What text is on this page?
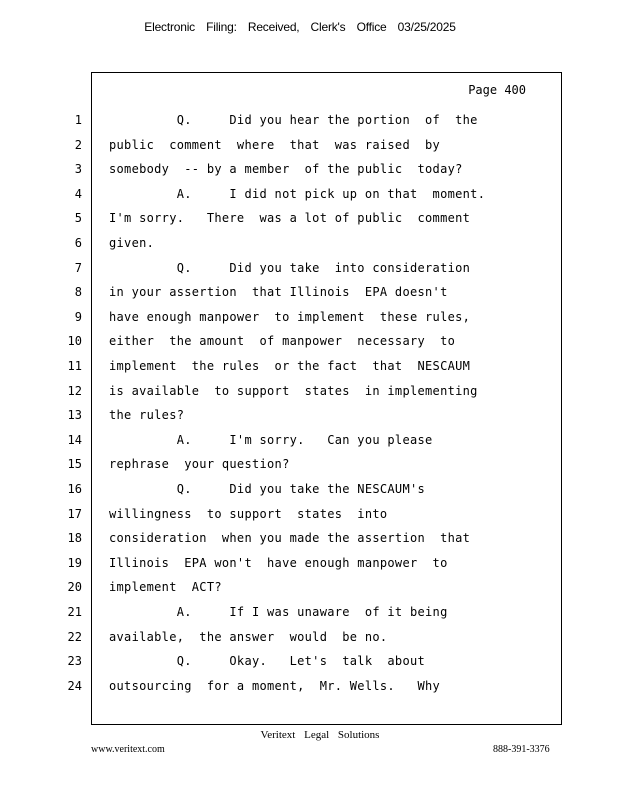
Electronic Filing: Received, Clerk's Office 03/25/2025
Page 400
1 Q.     Did you hear the portion  of  the
2 public  comment  where  that  was raised  by
3 somebody  -- by a member  of the public  today?
4 A.     I did not pick up on that  moment.
5 I'm sorry.   There  was a lot of public  comment
6 given.
7 Q.     Did you take  into consideration
8 in your assertion  that Illinois  EPA doesn't
9 have enough manpower  to implement  these rules,
10 either  the amount  of manpower  necessary  to
11 implement  the rules  or the fact  that  NESCAUM
12 is available  to support  states  in implementing
13 the rules?
14 A.     I'm sorry.   Can you please
15 rephrase  your question?
16 Q.     Did you take the NESCAUM's
17 willingness  to support  states  into
18 consideration  when you made the assertion  that
19 Illinois  EPA won't  have enough manpower  to
20 implement  ACT?
21 A.     If I was unaware  of it being
22 available,  the answer  would  be no.
23 Q.     Okay.   Let's  talk  about
24 outsourcing  for a moment,  Mr. Wells.   Why
Veritext Legal Solutions
www.veritext.com	888-391-3376
